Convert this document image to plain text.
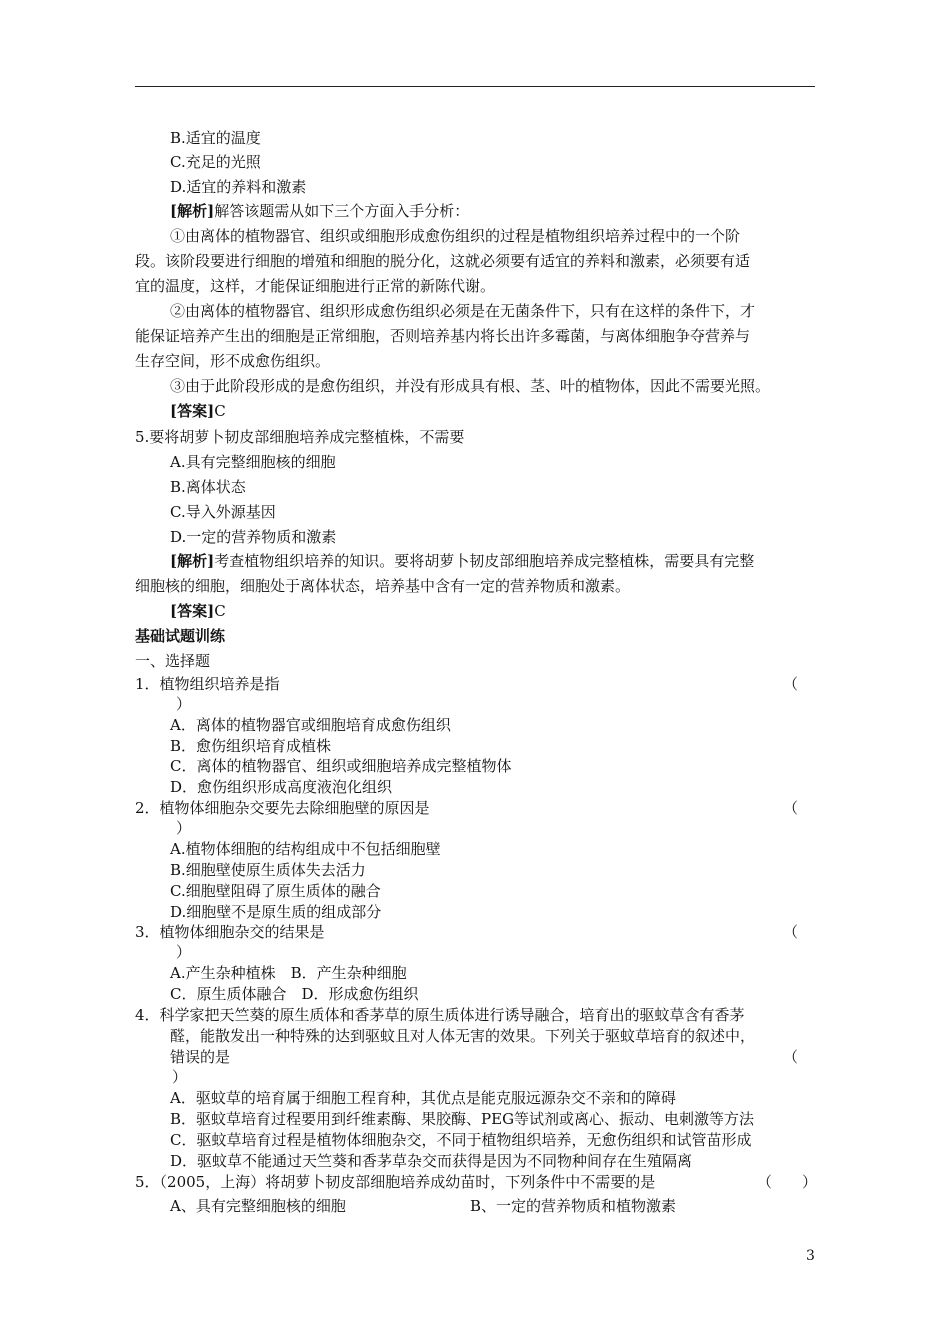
B.适宜的温度
C.充足的光照
D.适宜的养料和激素
[解析]解答该题需从如下三个方面入手分析：
①由离体的植物器官、组织或细胞形成愈伤组织的过程是植物组织培养过程中的一个阶
段。该阶段要进行细胞的增殖和细胞的脱分化，这就必须要有适宜的养料和激素，必须要有适
宜的温度，这样，才能保证细胞进行正常的新陈代谢。
②由离体的植物器官、组织形成愈伤组织必须是在无菌条件下，只有在这样的条件下，才
能保证培养产生出的细胞是正常细胞，否则培养基内将长出许多霉菌，与离体细胞争夺营养与
生存空间，形不成愈伤组织。
③由于此阶段形成的是愈伤组织，并没有形成具有根、茎、叶的植物体，因此不需要光照。
[答案]C
5.要将胡萝卜韧皮部细胞培养成完整植株，不需要
A.具有完整细胞核的细胞
B.离体状态
C.导入外源基因
D.一定的营养物质和激素
[解析]考查植物组织培养的知识。要将胡萝卜韧皮部细胞培养成完整植株，需要具有完整
细胞核的细胞，细胞处于离体状态，培养基中含有一定的营养物质和激素。
[答案]C
基础试题训练
一、选择题
1．植物组织培养是指	（
）
A．离体的植物器官或细胞培育成愈伤组织
B．愈伤组织培育成植株
C．离体的植物器官、组织或细胞培养成完整植物体
D．愈伤组织形成高度液泡化组织
2．植物体细胞杂交要先去除细胞壁的原因是	（
）
A.植物体细胞的结构组成中不包括细胞壁
B.细胞壁使原生质体失去活力
C.细胞壁阻碍了原生质体的融合
D.细胞壁不是原生质的组成部分
3．植物体细胞杂交的结果是	（
）
A.产生杂种植株　B．产生杂种细胞
C．原生质体融合　D．形成愈伤组织
4．科学家把天竺葵的原生质体和香茅草的原生质体进行诱导融合，培育出的驱蚊草含有香茅
醛，能散发出一种特殊的达到驱蚊且对人体无害的效果。下列关于驱蚊草培育的叙述中，
错误的是	（
）
A．驱蚊草的培育属于细胞工程育种，其优点是能克服远源杂交不亲和的障碍
B．驱蚊草培育过程要用到纤维素酶、果胶酶、PEG等试剂或离心、振动、电刺激等方法
C．驱蚊草培育过程是植物体细胞杂交，不同于植物组织培养，无愈伤组织和试管苗形成
D．驱蚊草不能通过天竺葵和香茅草杂交而获得是因为不同物种间存在生殖隔离
5．（2005，上海）将胡萝卜韧皮部细胞培养成幼苗时，下列条件中不需要的是	（　　）
A、具有完整细胞核的细胞	B、一定的营养物质和植物激素
3
